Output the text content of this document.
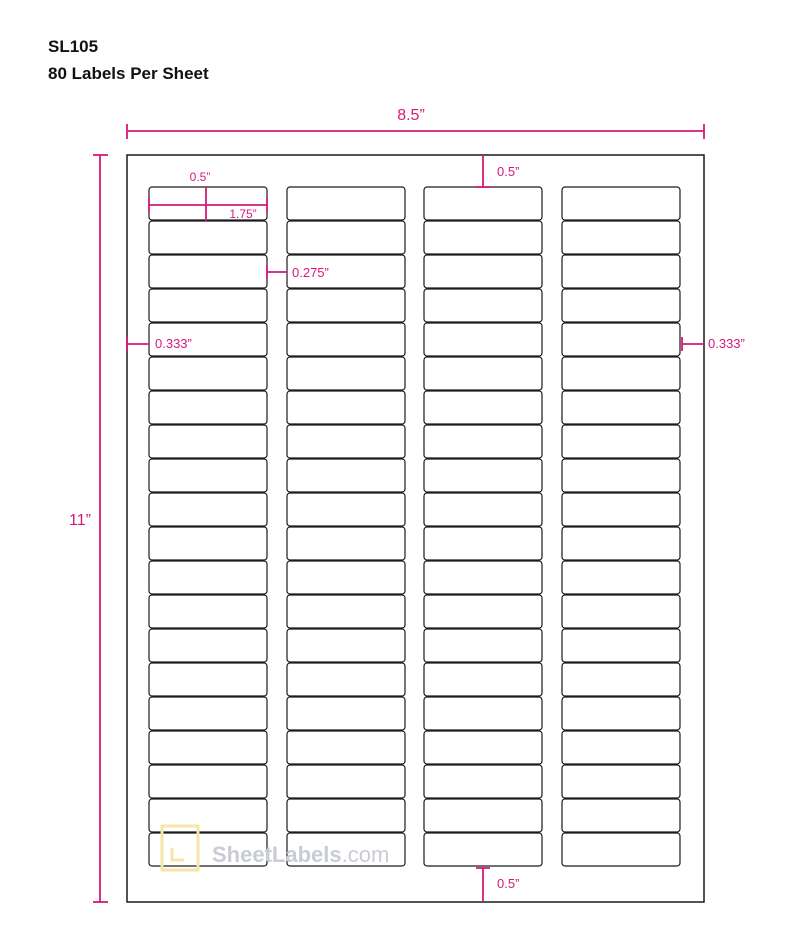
SL105
80 Labels Per Sheet
SheetLabels.com
8.5”
11”
0.5”
1.75”
0.275”
0.333”	0.333”
0.5”
0.5”
